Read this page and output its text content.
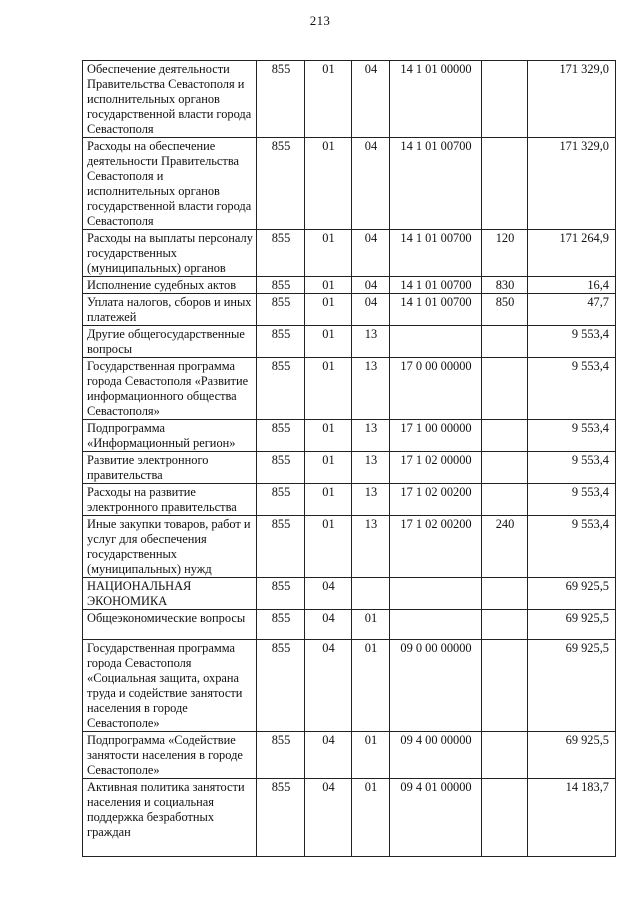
213
Обеспечение деятельности Правительства Севастополя и исполнительных органов государственной власти города Севастополя	855	01	04	14 1 01 00000		171 329,0
Расходы на обеспечение деятельности Правительства Севастополя и исполнительных органов государственной власти города Севастополя	855	01	04	14 1 01 00700		171 329,0
Расходы на выплаты персоналу государственных (муниципальных) органов	855	01	04	14 1 01 00700	120	171 264,9
Исполнение судебных актов	855	01	04	14 1 01 00700	830	16,4
Уплата налогов, сборов и иных платежей	855	01	04	14 1 01 00700	850	47,7
Другие общегосударственные вопросы	855	01	13			9 553,4
Государственная программа города Севастополя «Развитие информационного общества Севастополя»	855	01	13	17 0 00 00000		9 553,4
Подпрограмма «Информационный регион»	855	01	13	17 1 00 00000		9 553,4
Развитие электронного правительства	855	01	13	17 1 02 00000		9 553,4
Расходы на развитие электронного правительства	855	01	13	17 1 02 00200		9 553,4
Иные закупки товаров, работ и услуг для обеспечения государственных (муниципальных) нужд	855	01	13	17 1 02 00200	240	9 553,4
НАЦИОНАЛЬНАЯ ЭКОНОМИКА	855	04				69 925,5
Общеэкономические вопросы	855	04	01			69 925,5
Государственная программа города Севастополя «Социальная защита, охрана труда и содействие занятости населения в городе Севастополе»	855	04	01	09 0 00 00000		69 925,5
Подпрограмма «Содействие занятости населения в городе Севастополе»	855	04	01	09 4 00 00000		69 925,5
Активная политика занятости населения и социальная поддержка безработных граждан	855	04	01	09 4 01 00000		14 183,7
